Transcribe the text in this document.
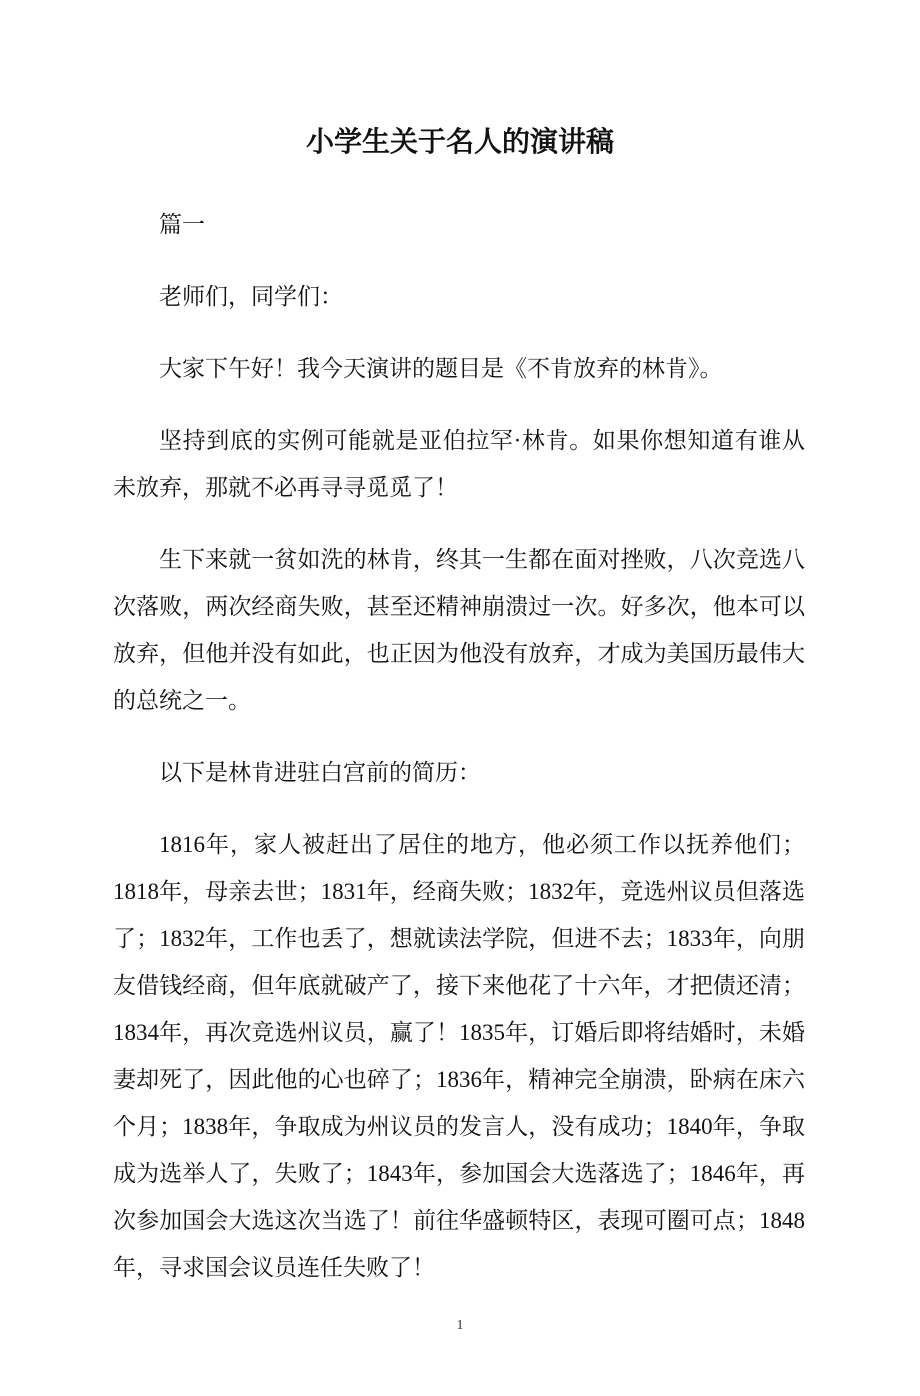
小学生关于名人的演讲稿

篇一

老师们，同学们：

大家下午好！我今天演讲的题目是《不肯放弃的林肯》。

坚持到底的实例可能就是亚伯拉罕·林肯。如果你想知道有谁从未放弃，那就不必再寻寻觅觅了！

生下来就一贫如洗的林肯，终其一生都在面对挫败，八次竞选八次落败，两次经商失败，甚至还精神崩溃过一次。好多次，他本可以放弃，但他并没有如此，也正因为他没有放弃，才成为美国历最伟大的总统之一。

以下是林肯进驻白宫前的简历：

1816年，家人被赶出了居住的地方，他必须工作以抚养他们；1818年，母亲去世；1831年，经商失败；1832年，竞选州议员但落选了；1832年，工作也丢了，想就读法学院，但进不去；1833年，向朋友借钱经商，但年底就破产了，接下来他花了十六年，才把债还清；1834年，再次竞选州议员，赢了！1835年，订婚后即将结婚时，未婚妻却死了，因此他的心也碎了；1836年，精神完全崩溃，卧病在床六个月；1838年，争取成为州议员的发言人，没有成功；1840年，争取成为选举人了，失败了；1843年，参加国会大选落选了；1846年，再次参加国会大选这次当选了！前往华盛顿特区，表现可圈可点；1848年，寻求国会议员连任失败了！

1
